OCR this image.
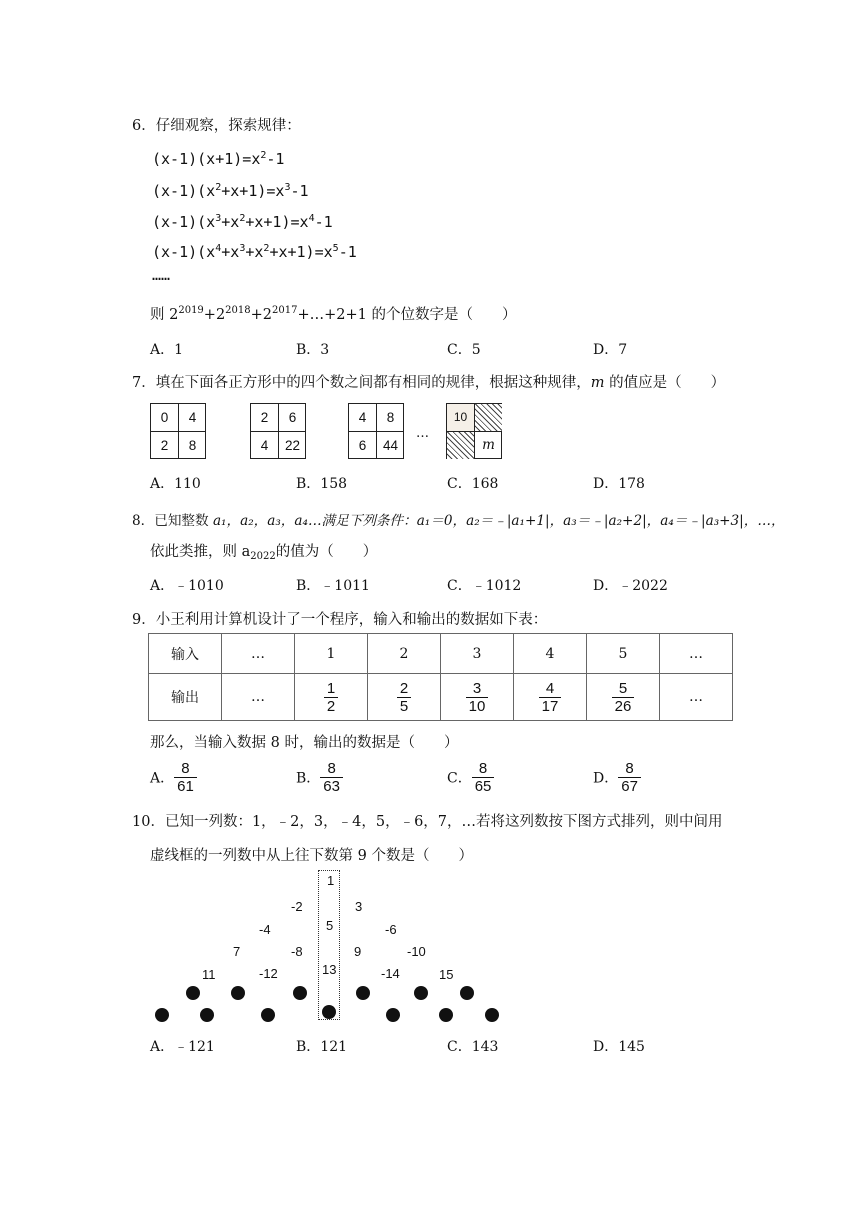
6．仔细观察，探索规律：
$(x-1)(x+1)=x^2-1$
$(x-1)(x^2+x+1)=x^3-1$
$(x-1)(x^3+x^2+x+1)=x^4-1$
$(x-1)(x^4+x^3+x^2+x+1)=x^5-1$
……
则 $2^{2019}+2^{2018}+2^{2017}+\dots+2+1$ 的个位数字是（　　）
A．1	B．3	C．5	D．7
7．填在下面各正方形中的四个数之间都有相同的规律，根据这种规律，m 的值应是（　　）
0	4
2	8
2	6
4	22
4	8
6	44
…
10
m
A．110	B．158	C．168	D．178
8．已知整数 a₁，a₂，a₃，a₄…满足下列条件：a₁＝0，a₂＝﹣|a₁+1|，a₃＝﹣|a₂+2|，a₄＝﹣|a₃+3|，…，
依此类推，则 $a_{2022}$的值为（　　）
A．﹣1010	B．﹣1011	C．﹣1012	D．﹣2022
9．小王利用计算机设计了一个程序，输入和输出的数据如下表：
输入	…	1	2	3	4	5	…
输出	…	$\frac{1}{2}$	$\frac{2}{5}$	$\frac{3}{10}$	$\frac{4}{17}$	$\frac{5}{26}$	…
那么，当输入数据 8 时，输出的数据是（　　）
A． $\frac{8}{61}$	B． $\frac{8}{63}$	C． $\frac{8}{65}$	D． $\frac{8}{67}$
10．已知一列数：1，﹣2，3，﹣4，5，﹣6，7，…若将这列数按下图方式排列，则中间用
虚线框的一列数中从上往下数第 9 个数是（　　）
1
-2	3
-4	5	-6
7	-8	9	-10
11	-12	13	-14	15
A．﹣121	B．121	C．143	D．145
